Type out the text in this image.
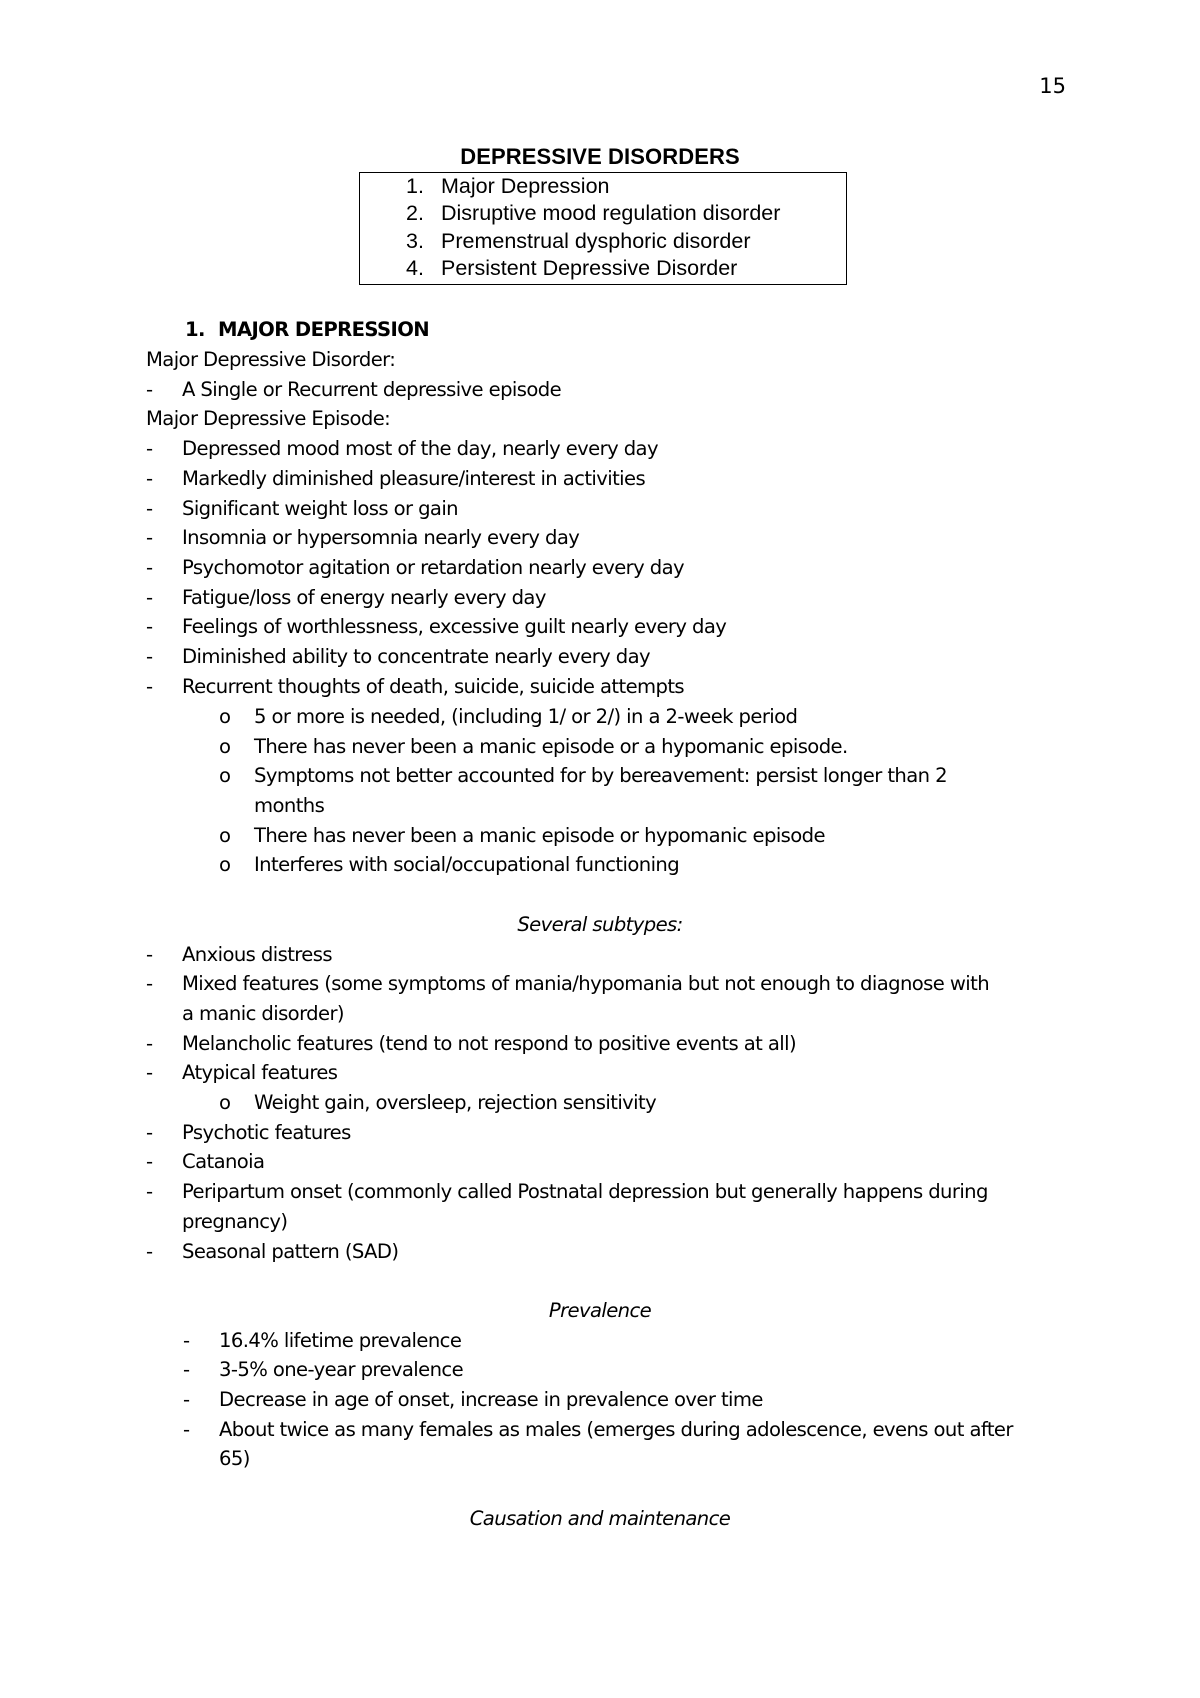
15
DEPRESSIVE DISORDERS
1. Major Depression
2. Disruptive mood regulation disorder
3. Premenstrual dysphoric disorder
4. Persistent Depressive Disorder
1. MAJOR DEPRESSION
Major Depressive Disorder:
-	A Single or Recurrent depressive episode
Major Depressive Episode:
-	Depressed mood most of the day, nearly every day
-	Markedly diminished pleasure/interest in activities
-	Significant weight loss or gain
-	Insomnia or hypersomnia nearly every day
-	Psychomotor agitation or retardation nearly every day
-	Fatigue/loss of energy nearly every day
-	Feelings of worthlessness, excessive guilt nearly every day
-	Diminished ability to concentrate nearly every day
-	Recurrent thoughts of death, suicide, suicide attempts
o 5 or more is needed, (including 1/ or 2/) in a 2-week period
o There has never been a manic episode or a hypomanic episode.
o Symptoms not better accounted for by bereavement: persist longer than 2
months
o There has never been a manic episode or hypomanic episode
o Interferes with social/occupational functioning
Several subtypes:
-	Anxious distress
-	Mixed features (some symptoms of mania/hypomania but not enough to diagnose with
a manic disorder)
-	Melancholic features (tend to not respond to positive events at all)
-	Atypical features
o Weight gain, oversleep, rejection sensitivity
-	Psychotic features
-	Catanoia
-	Peripartum onset (commonly called Postnatal depression but generally happens during
pregnancy)
-	Seasonal pattern (SAD)
Prevalence
-	16.4% lifetime prevalence
-	3-5% one-year prevalence
-	Decrease in age of onset, increase in prevalence over time
-	About twice as many females as males (emerges during adolescence, evens out after
65)
Causation and maintenance
